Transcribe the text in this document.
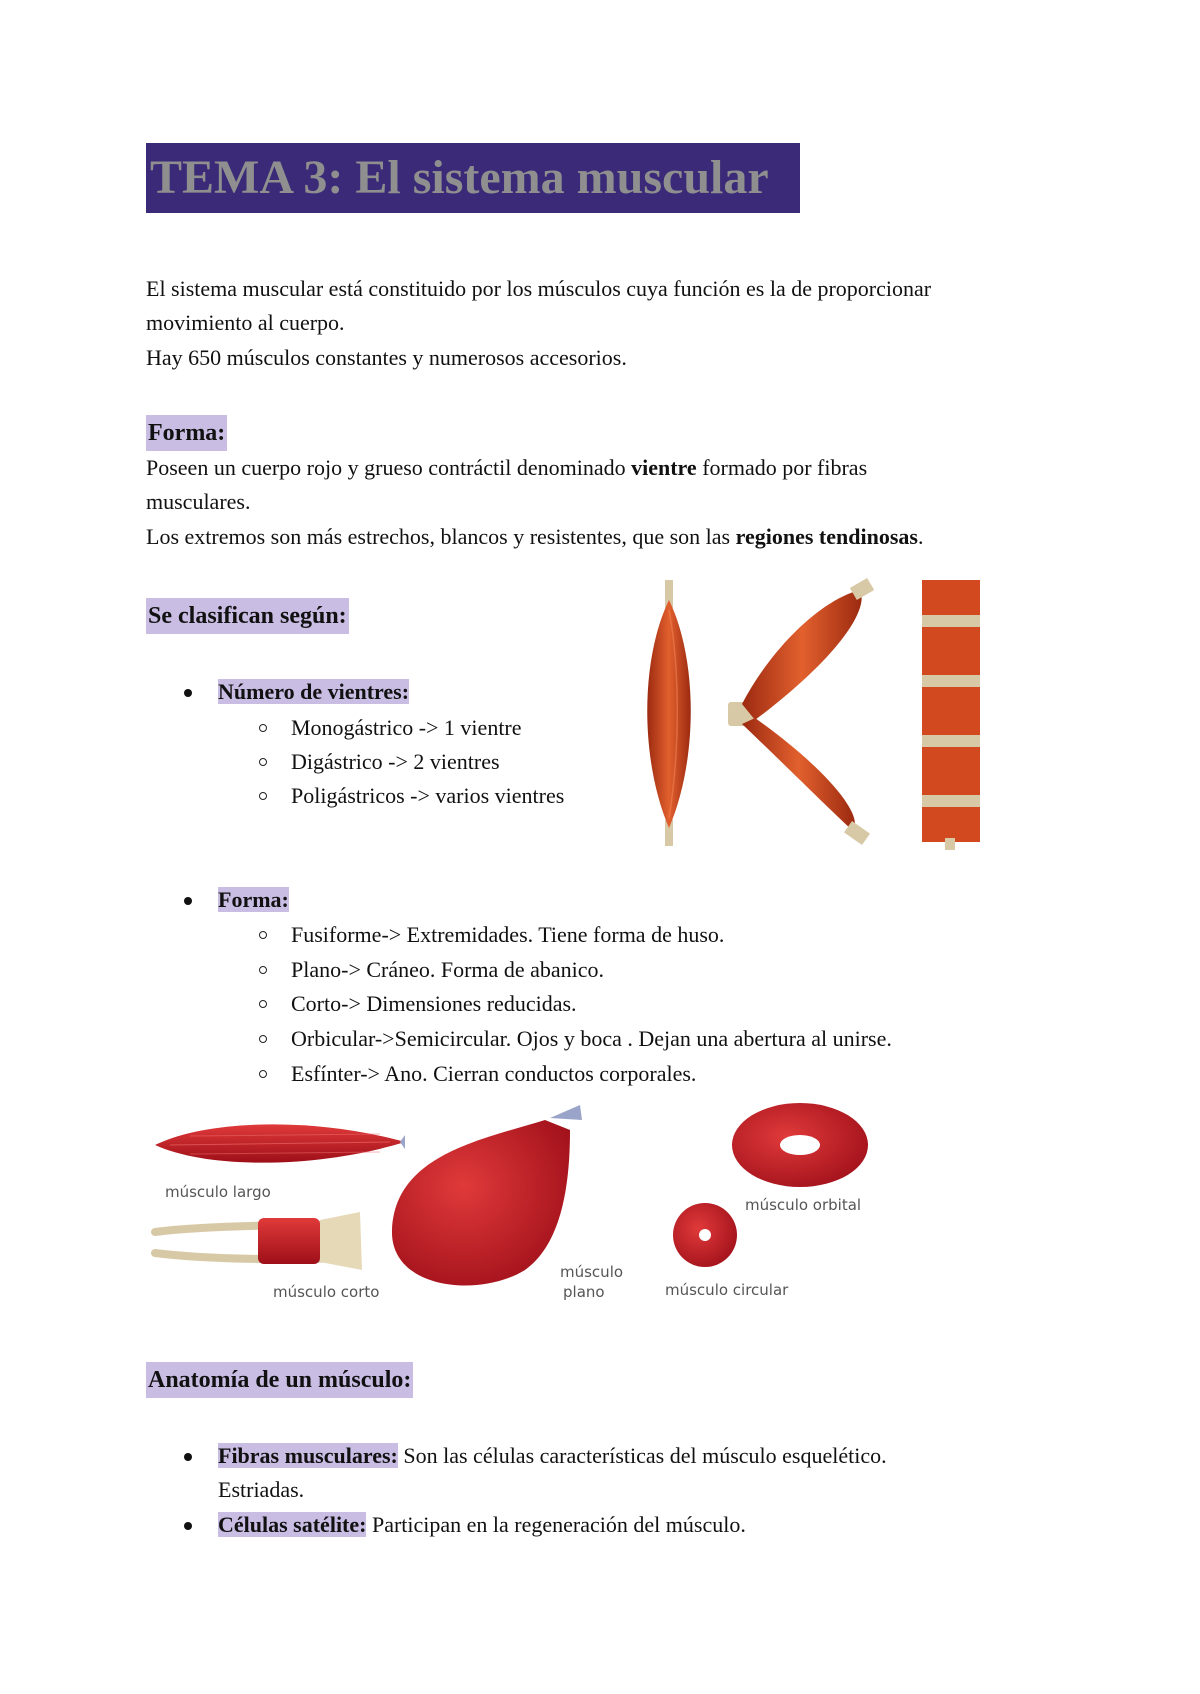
TEMA 3: El sistema muscular
El sistema muscular está constituido por los músculos cuya función es la de proporcionar
movimiento al cuerpo.
Hay 650 músculos constantes y numerosos accesorios.
Forma:
Poseen un cuerpo rojo y grueso contráctil denominado vientre formado por fibras
musculares.
Los extremos son más estrechos, blancos y resistentes, que son las regiones tendinosas.
Se clasifican según:
Número de vientres:
Monogástrico -> 1 vientre
Digástrico -> 2 vientres
Poligástricos -> varios vientres
Forma:
Fusiforme-> Extremidades. Tiene forma de huso.
Plano-> Cráneo. Forma de abanico.
Corto-> Dimensiones reducidas.
Orbicular->Semicircular. Ojos y boca . Dejan una abertura al unirse.
Esfínter-> Ano. Cierran conductos corporales.
músculo largo
músculo corto
músculo
plano
músculo orbital
músculo circular
Anatomía de un músculo:
Fibras musculares: Son las células características del músculo esquelético.
Estriadas.
Células satélite: Participan en la regeneración del músculo.
